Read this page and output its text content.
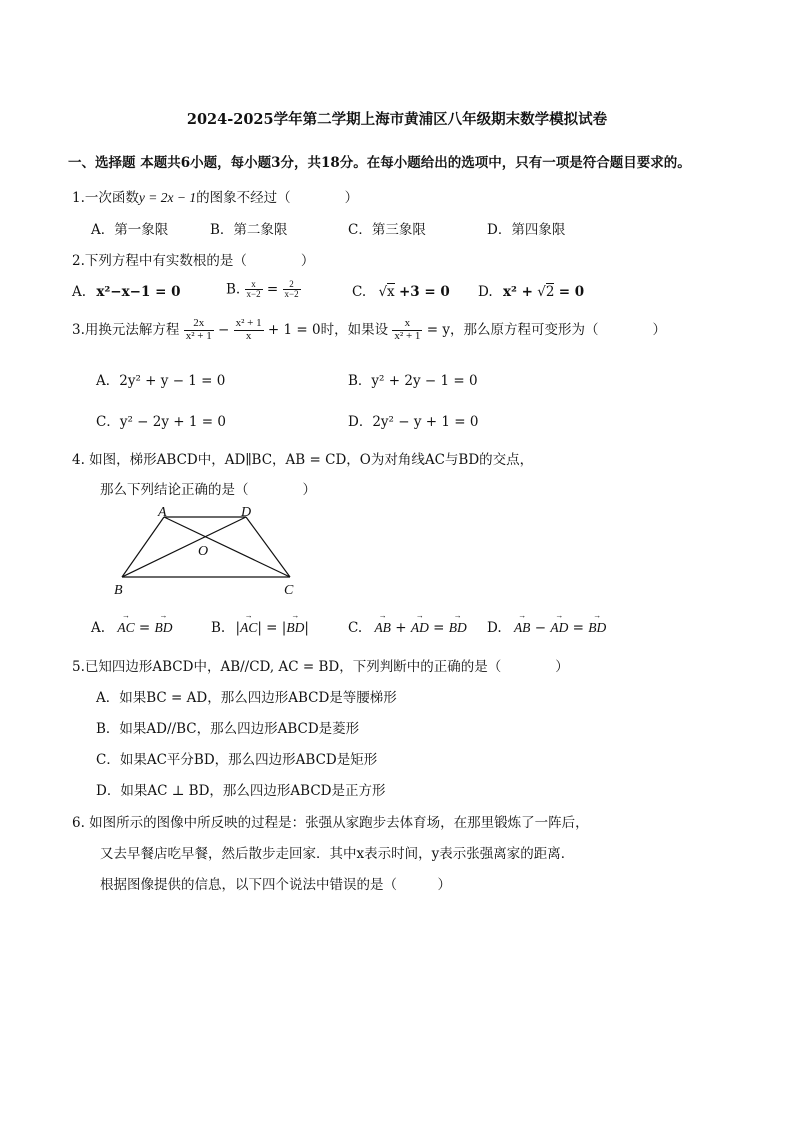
2024-2025学年第二学期上海市黄浦区八年级期末数学模拟试卷
一、选择题 本题共6小题，每小题3分，共18分。在每小题给出的选项中，只有一项是符合题目要求的。
1.一次函数y = 2x − 1的图象不经过（　　　　）
A．第一象限	B．第二象限	C．第三象限	D．第四象限
2.下列方程中有实数根的是（　　　　）
A. x²−x−1 = 0	B. $\frac{x}{x-2} = \frac{2}{x-2}$	C. √x +3 = 0 D. x² + √2 = 0
3.用换元法解方程 $\frac{2x}{\text{x² + 1}} - \frac{\text{x² + 1}}{x} + 1 = 0$时，如果设 $\frac{x}{\text{x² + 1}} = y$，那么原方程可变形为（　　　　）
A．2y² + y − 1 = 0	B．y² + 2y − 1 = 0
C．y² − 2y + 1 = 0	D．2y² − y + 1 = 0
4. 如图，梯形ABCD中，AD∥BC，AB = CD，O为对角线AC与BD的交点，
那么下列结论正确的是（　　　　）
A	D
O
B	C
A. → AC = → BD	B. |→ AC| = |→ BD|	C. → AB + → AD = → BD D. → AB − → AD = → BD
5.已知四边形ABCD中，AB//CD, AC = BD，下列判断中的正确的是（　　　　）
A．如果BC = AD，那么四边形ABCD是等腰梯形
B．如果AD//BC，那么四边形ABCD是菱形
C．如果AC平分BD，那么四边形ABCD是矩形
D．如果AC ⊥ BD，那么四边形ABCD是正方形
6. 如图所示的图像中所反映的过程是：张强从家跑步去体育场，在那里锻炼了一阵后，
又去早餐店吃早餐，然后散步走回家．其中x表示时间，y表示张强离家的距离．
根据图像提供的信息，以下四个说法中错误的是（　　　）
